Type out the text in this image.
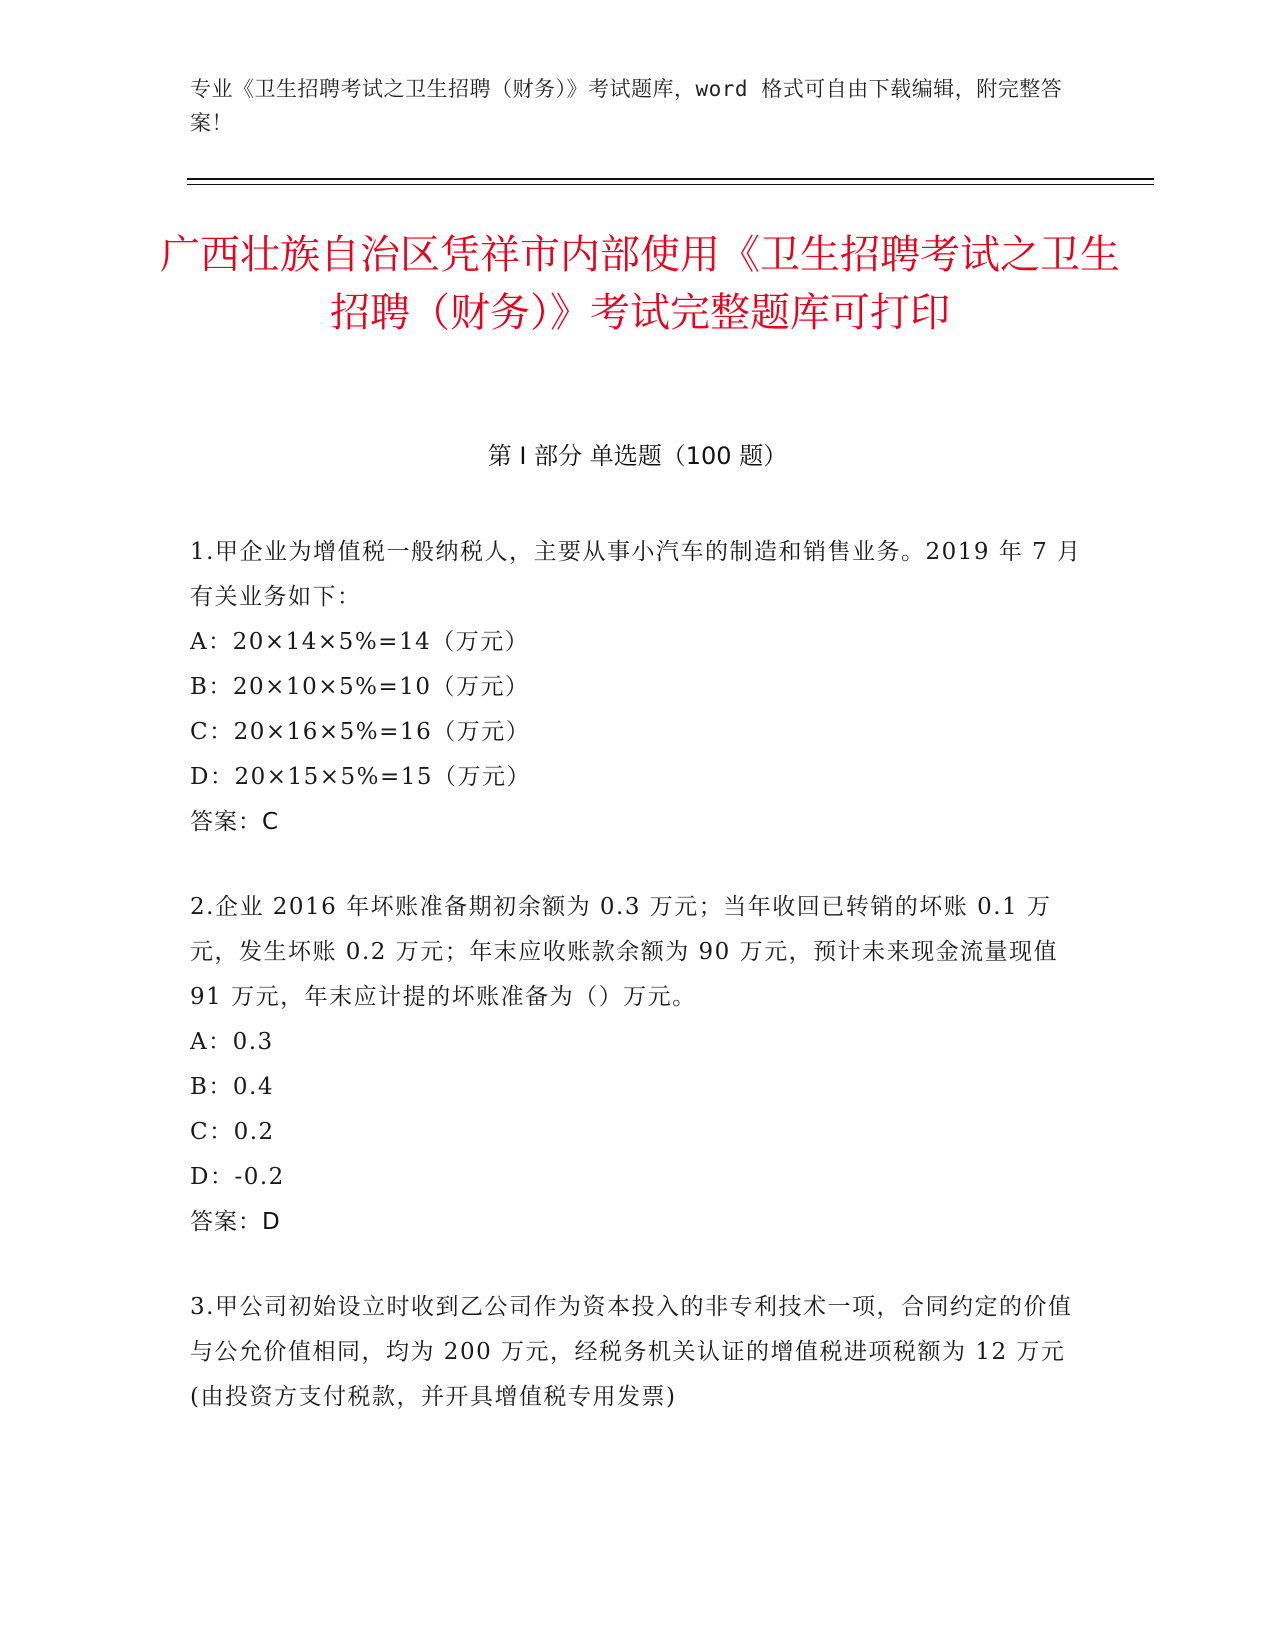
专业《卫生招聘考试之卫生招聘（财务）》考试题库，word 格式可自由下载编辑，附完整答案！
广西壮族自治区凭祥市内部使用《卫生招聘考试之卫生招聘（财务）》考试完整题库可打印
第 I 部分 单选题（100 题）
1.甲企业为增值税一般纳税人，主要从事小汽车的制造和销售业务。2019 年 7 月有关业务如下：
A：20×14×5%=14（万元）
B：20×10×5%=10（万元）
C：20×16×5%=16（万元）
D：20×15×5%=15（万元）
答案：C
2.企业 2016 年坏账准备期初余额为 0.3 万元；当年收回已转销的坏账 0.1 万元，发生坏账 0.2 万元；年末应收账款余额为 90 万元，预计未来现金流量现值 91 万元，年末应计提的坏账准备为（）万元。
A：0.3
B：0.4
C：0.2
D：-0.2
答案：D
3.甲公司初始设立时收到乙公司作为资本投入的非专利技术一项，合同约定的价值与公允价值相同，均为 200 万元，经税务机关认证的增值税进项税额为 12 万元(由投资方支付税款，并开具增值税专用发票)
